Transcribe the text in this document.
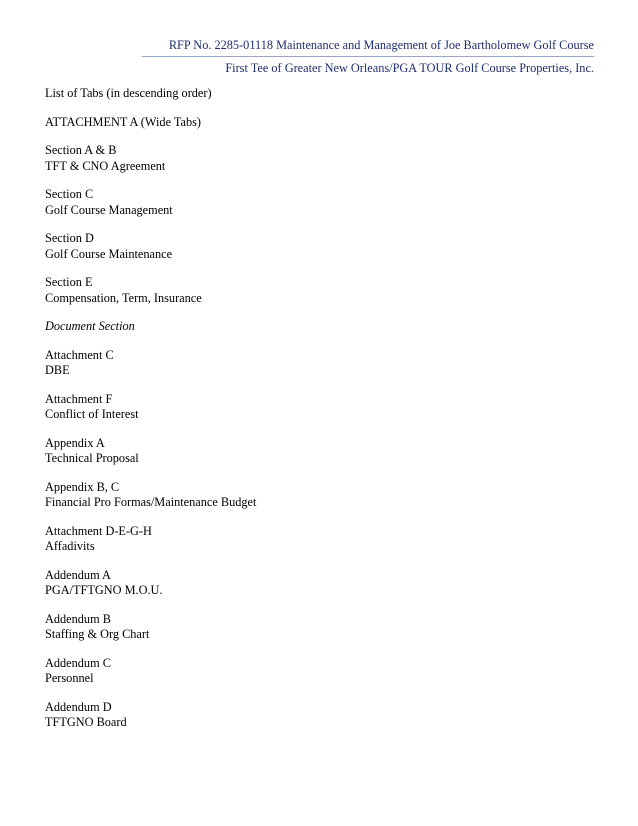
RFP No. 2285-01118 Maintenance and Management of Joe Bartholomew Golf Course
First Tee of Greater New Orleans/PGA TOUR Golf Course Properties, Inc.

List of Tabs (in descending order)

ATTACHMENT A (Wide Tabs)

Section A & B
TFT & CNO Agreement

Section C
Golf Course Management

Section D
Golf Course Maintenance

Section E
Compensation, Term, Insurance

Document Section

Attachment C
DBE

Attachment F
Conflict of Interest

Appendix A
Technical Proposal

Appendix B, C
Financial Pro Formas/Maintenance Budget

Attachment D-E-G-H
Affadivits

Addendum A
PGA/TFTGNO M.O.U.

Addendum B
Staffing & Org Chart

Addendum C
Personnel

Addendum D
TFTGNO Board
